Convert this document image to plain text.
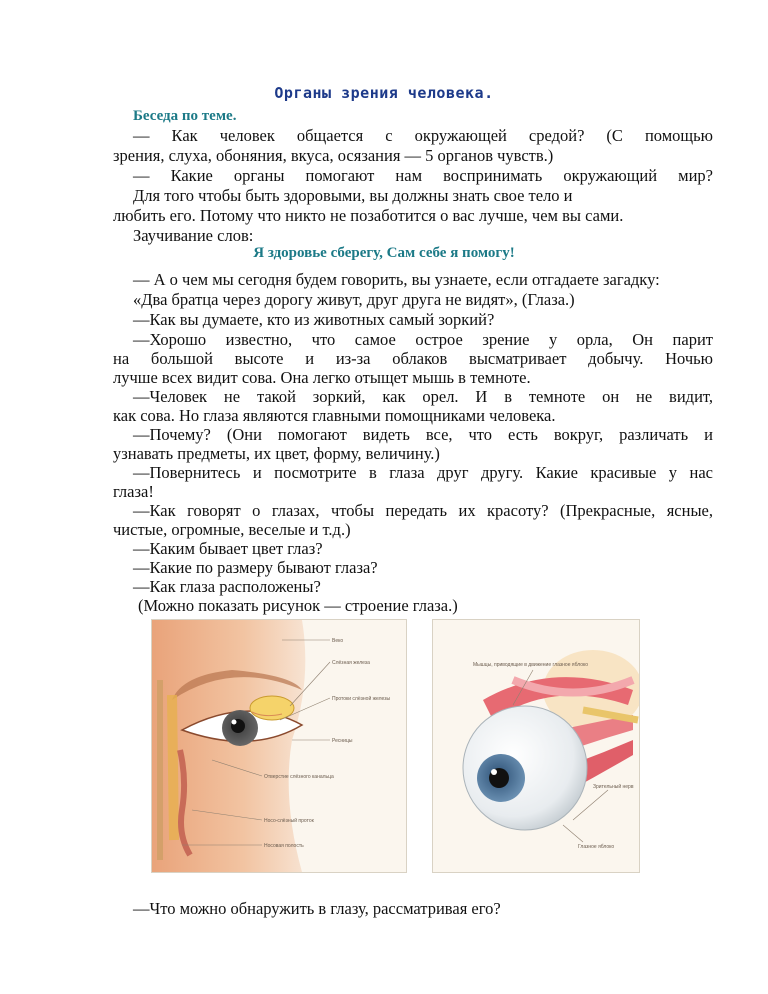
Органы зрения человека.
Беседа по теме.
— Как человек общается с окружающей средой? (С помощью
зрения, слуха, обоняния, вкуса, осязания — 5 органов чувств.)
— Какие органы помогают нам воспринимать окружающий мир?
Для того чтобы быть здоровыми, вы должны знать свое тело и
любить его. Потому что никто не позаботится о вас лучше, чем вы сами.
Заучивание слов:
Я здоровье сберегу, Сам себе я помогу!
— А о чем мы сегодня будем говорить, вы узнаете, если отгадаете загадку:
«Два братца через дорогу живут, друг друга не видят», (Глаза.)
—Как вы думаете, кто из животных самый зоркий?
—Хорошо известно, что самое острое зрение у орла, Он парит
на большой высоте и из-за облаков высматривает добычу. Ночью
лучше всех видит сова. Она легко отыщет мышь в темноте.
—Человек не такой зоркий, как орел. И в темноте он не видит,
как сова. Но глаза являются главными помощниками человека.
—Почему? (Они помогают видеть все, что есть вокруг, различать и
узнавать предметы, их цвет, форму, величину.)
—Повернитесь и посмотрите в глаза друг другу. Какие красивые у нас
глаза!
—Как говорят о глазах, чтобы передать их красоту? (Прекрасные, ясные,
чистые, огромные, веселые и т.д.)
—Каким бывает цвет глаз?
—Какие по размеру бывают глаза?
—Как глаза расположены?
(Можно показать рисунок — строение глаза.)
Веко
Слёзная железа
Протоки слёзной железы
Ресницы
Отверстие слёзного канальца
Носо-слёзный проток
Носовая полость
Мышцы, приводящие в движение глазное яблоко
Зрительный нерв
Глазное яблоко
—Что можно обнаружить в глазу, рассматривая его?
